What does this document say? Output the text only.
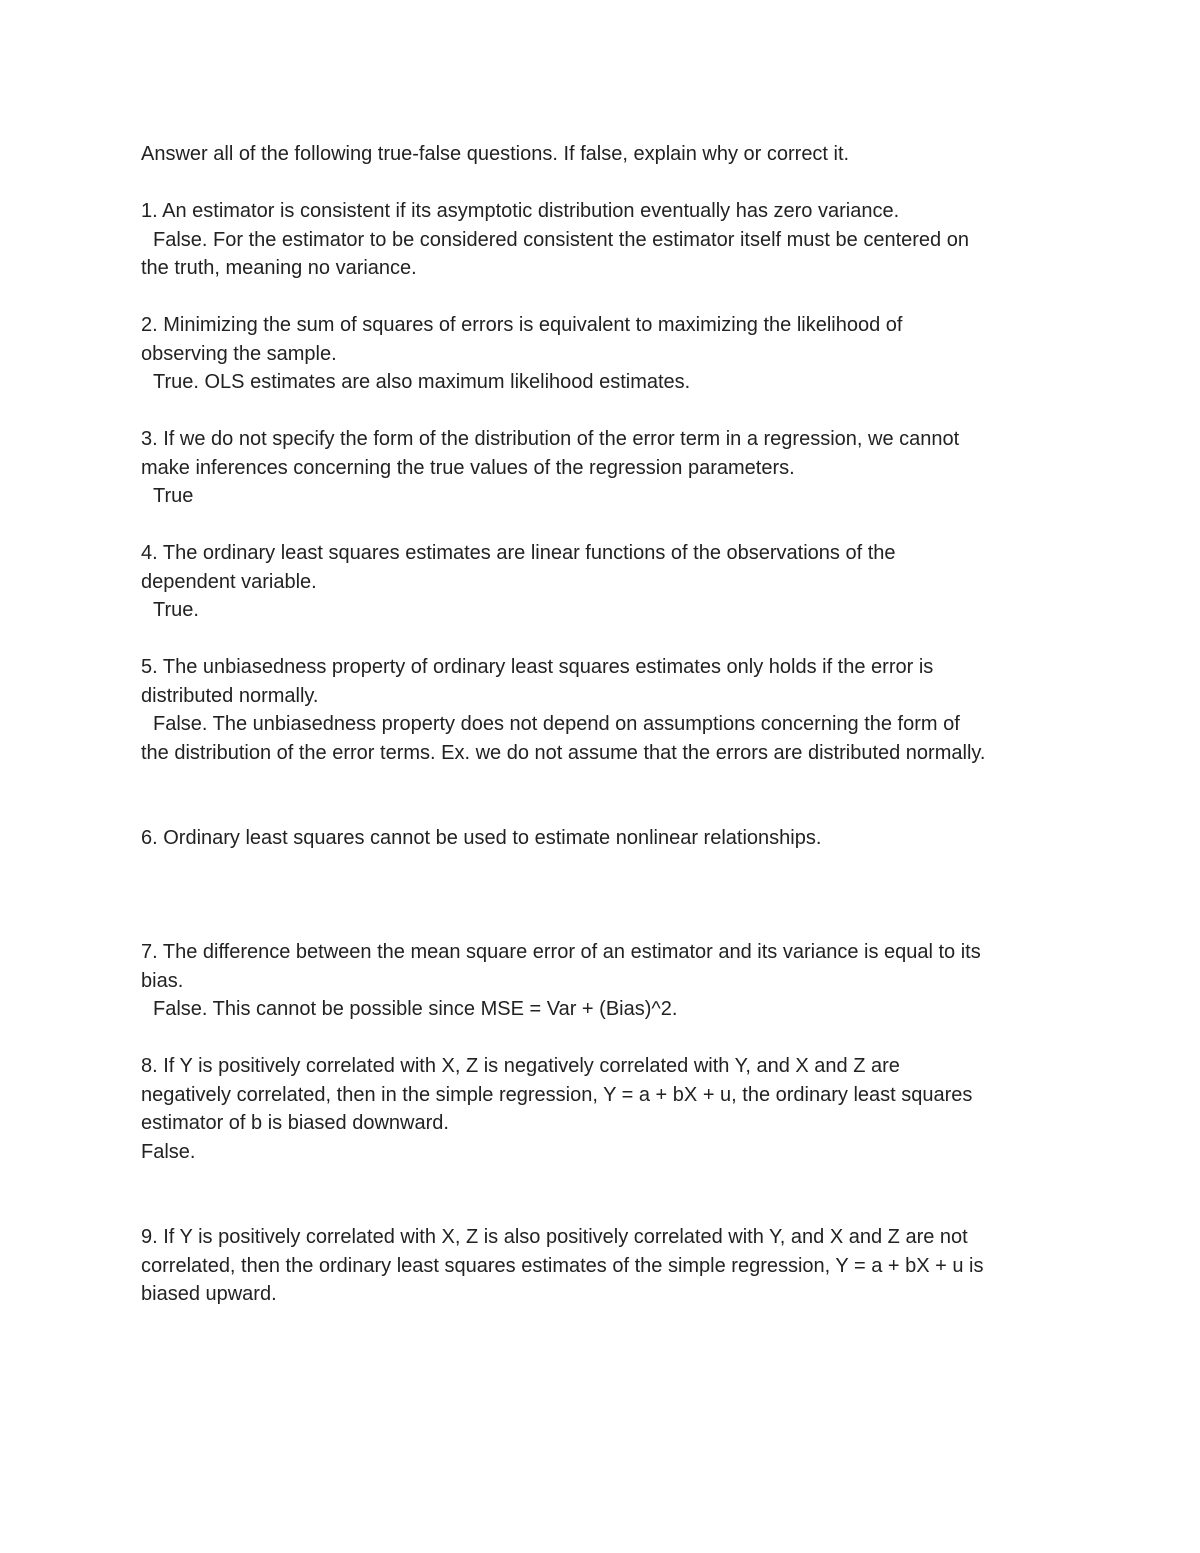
Answer all of the following true-false questions. If false, explain why or correct it.

1. An estimator is consistent if its asymptotic distribution eventually has zero variance.

False. For the estimator to be considered consistent the estimator itself must be centered on

the truth, meaning no variance.

2. Minimizing the sum of squares of errors is equivalent to maximizing the likelihood of

observing the sample.

True. OLS estimates are also maximum likelihood estimates.

3. If we do not specify the form of the distribution of the error term in a regression, we cannot

make inferences concerning the true values of the regression parameters.

True

4. The ordinary least squares estimates are linear functions of the observations of the

dependent variable.

True.

5. The unbiasedness property of ordinary least squares estimates only holds if the error is

distributed normally.

False. The unbiasedness property does not depend on assumptions concerning the form of

the distribution of the error terms. Ex. we do not assume that the errors are distributed normally.

6. Ordinary least squares cannot be used to estimate nonlinear relationships.

7. The difference between the mean square error of an estimator and its variance is equal to its

bias.

False. This cannot be possible since MSE = Var + (Bias)^2.

8. If Y is positively correlated with X, Z is negatively correlated with Y, and X and Z are

negatively correlated, then in the simple regression, Y = a + bX + u, the ordinary least squares

estimator of b is biased downward.

False.

9. If Y is positively correlated with X, Z is also positively correlated with Y, and X and Z are not

correlated, then the ordinary least squares estimates of the simple regression, Y = a + bX + u is

biased upward.
